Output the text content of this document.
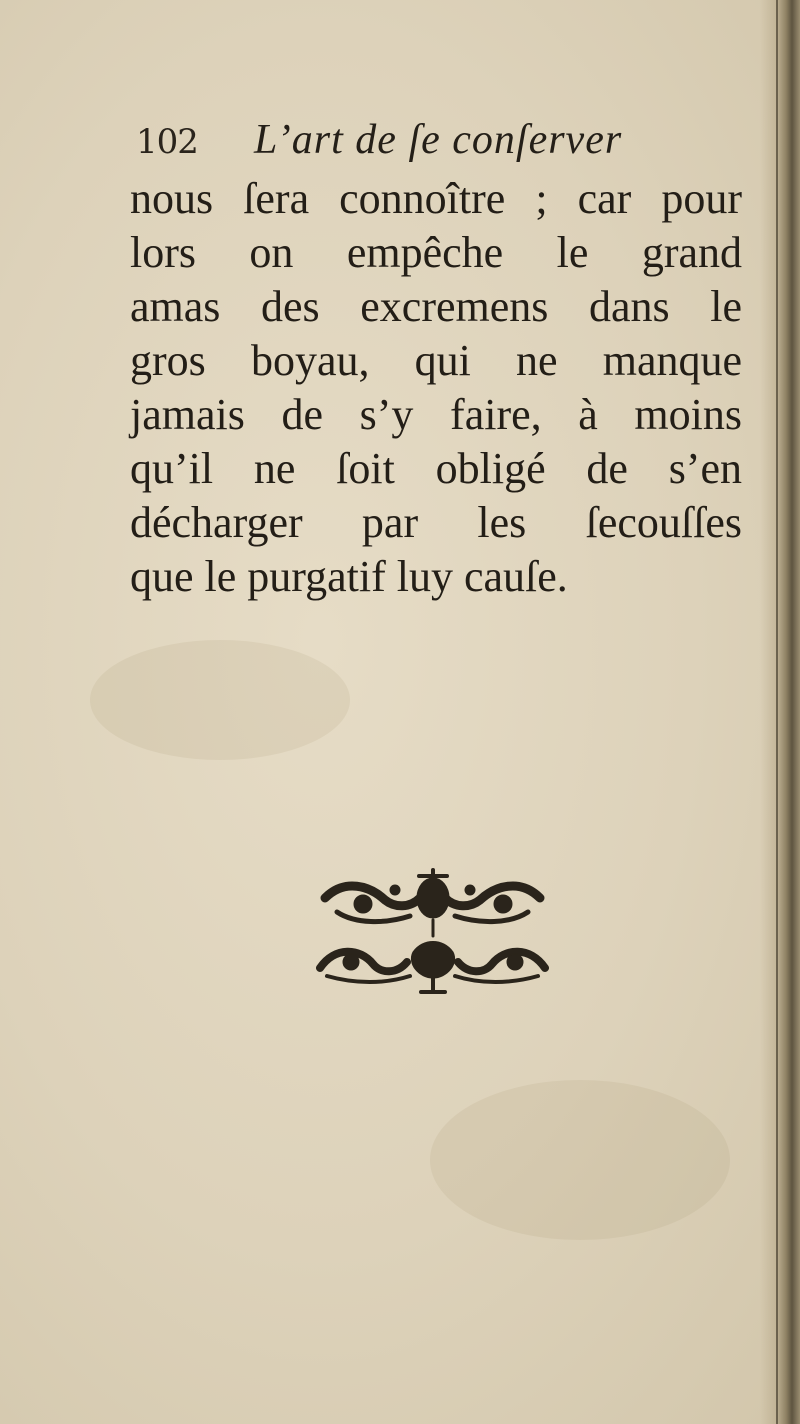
102 L’art de ſe conſerver
nous ſera connoître ; car pour
lors on empêche le grand
amas des excremens dans le
gros boyau, qui ne manque
jamais de s’y faire, à moins
qu’il ne ſoit obligé de s’en
décharger par les ſecouſſes
que le purgatif luy cauſe.
